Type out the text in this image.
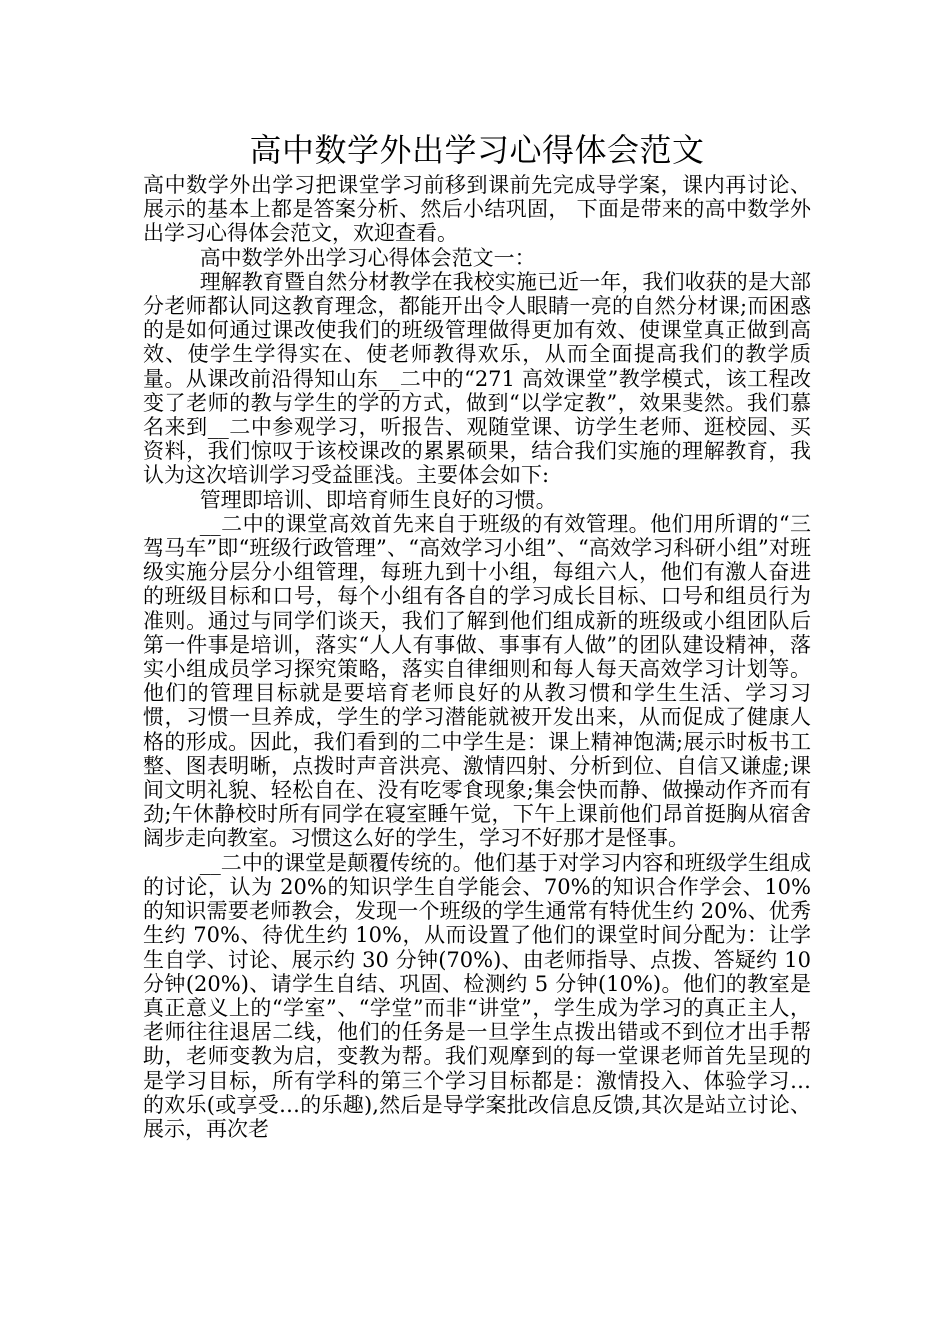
高中数学外出学习心得体会范文

高中数学外出学习把课堂学习前移到课前先完成导学案，课内再讨论、展示的基本上都是答案分析、然后小结巩固， 下面是带来的高中数学外出学习心得体会范文，欢迎查看。

高中数学外出学习心得体会范文一：

理解教育暨自然分材教学在我校实施已近一年，我们收获的是大部分老师都认同这教育理念，都能开出令人眼睛一亮的自然分材课;而困惑的是如何通过课改使我们的班级管理做得更加有效、使课堂真正做到高效、使学生学得实在、使老师教得欢乐，从而全面提高我们的教学质量。从课改前沿得知山东__二中的“271 高效课堂”教学模式，该工程改变了老师的教与学生的学的方式，做到“以学定教”，效果斐然。我们慕名来到__二中参观学习，听报告、观随堂课、访学生老师、逛校园、买资料，我们惊叹于该校课改的累累硕果，结合我们实施的理解教育，我认为这次培训学习受益匪浅。主要体会如下:

管理即培训、即培育师生良好的习惯。

__二中的课堂高效首先来自于班级的有效管理。他们用所谓的“三驾马车”即“班级行政管理”、“高效学习小组”、“高效学习科研小组”对班级实施分层分小组管理，每班九到十小组，每组六人，他们有激人奋进的班级目标和口号，每个小组有各自的学习成长目标、口号和组员行为准则。通过与同学们谈天，我们了解到他们组成新的班级或小组团队后第一件事是培训，落实“人人有事做、事事有人做”的团队建设精神，落实小组成员学习探究策略，落实自律细则和每人每天高效学习计划等。他们的管理目标就是要培育老师良好的从教习惯和学生生活、学习习惯，习惯一旦养成，学生的学习潜能就被开发出来，从而促成了健康人格的形成。因此，我们看到的二中学生是：课上精神饱满;展示时板书工整、图表明晰，点拨时声音洪亮、激情四射、分析到位、自信又谦虚;课间文明礼貌、轻松自在、没有吃零食现象;集会快而静、做操动作齐而有劲;午休静校时所有同学在寝室睡午觉，下午上课前他们昂首挺胸从宿舍阔步走向教室。习惯这么好的学生，学习不好那才是怪事。

__二中的课堂是颠覆传统的。他们基于对学习内容和班级学生组成的讨论，认为 20%的知识学生自学能会、70%的知识合作学会、10%的知识需要老师教会，发现一个班级的学生通常有特优生约 20%、优秀生约 70%、待优生约 10%，从而设置了他们的课堂时间分配为：让学生自学、讨论、展示约 30 分钟(70%)、由老师指导、点拨、答疑约 10 分钟(20%)、请学生自结、巩固、检测约 5 分钟(10%)。他们的教室是真正意义上的“学室”、“学堂”而非“讲堂”，学生成为学习的真正主人，老师往往退居二线，他们的任务是一旦学生点拨出错或不到位才出手帮助，老师变教为启，变教为帮。我们观摩到的每一堂课老师首先呈现的是学习目标，所有学科的第三个学习目标都是：激情投入、体验学习…的欢乐(或享受…的乐趣),然后是导学案批改信息反馈,其次是站立讨论、展示，再次老
